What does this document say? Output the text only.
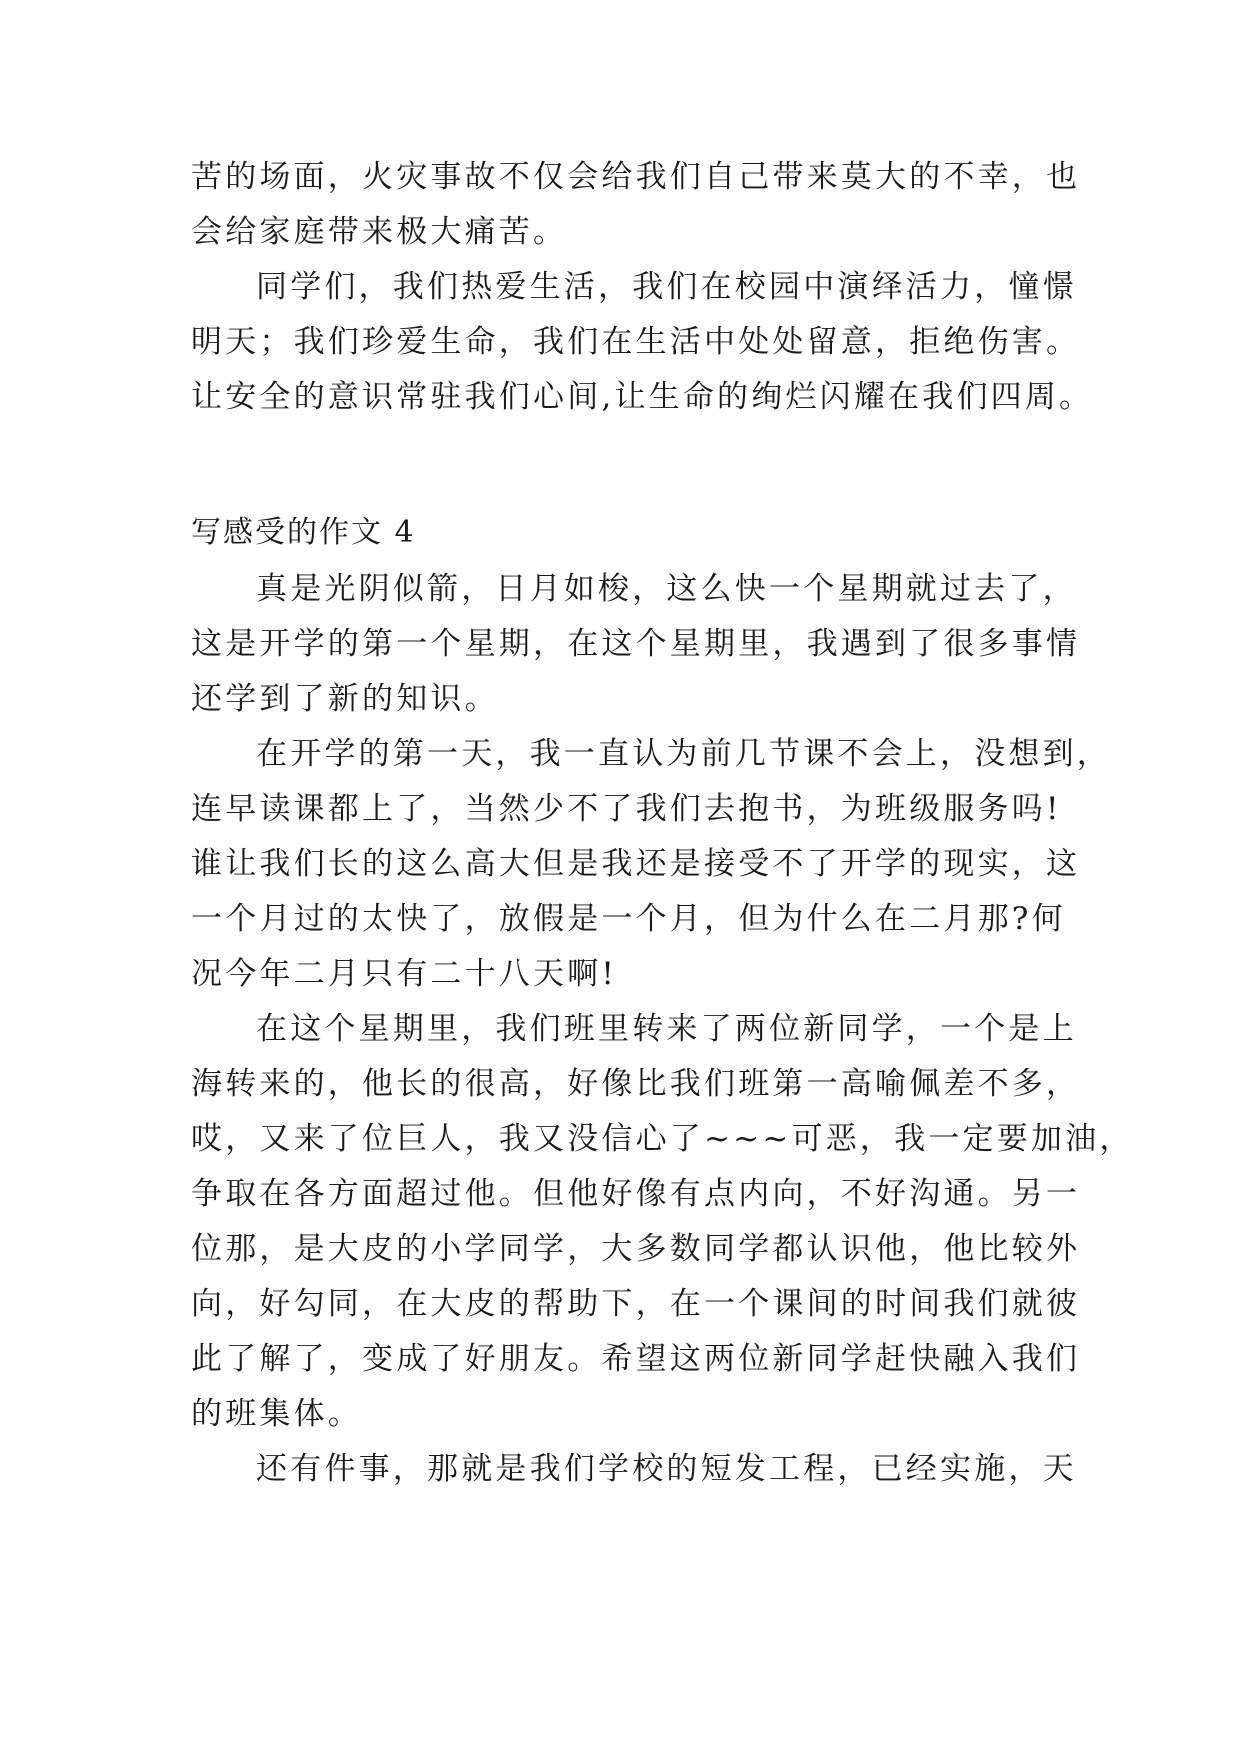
苦的场面，火灾事故不仅会给我们自己带来莫大的不幸，也
会给家庭带来极大痛苦。
同学们，我们热爱生活，我们在校园中演绎活力，憧憬
明天；我们珍爱生命，我们在生活中处处留意，拒绝伤害。
让安全的意识常驻我们心间,让生命的绚烂闪耀在我们四周。
写感受的作文 4
真是光阴似箭，日月如梭，这么快一个星期就过去了，
这是开学的第一个星期，在这个星期里，我遇到了很多事情
还学到了新的知识。
在开学的第一天，我一直认为前几节课不会上，没想到，
连早读课都上了，当然少不了我们去抱书，为班级服务吗!
谁让我们长的这么高大但是我还是接受不了开学的现实，这
一个月过的太快了，放假是一个月，但为什么在二月那?何
况今年二月只有二十八天啊!
在这个星期里，我们班里转来了两位新同学，一个是上
海转来的，他长的很高，好像比我们班第一高喻佩差不多，
哎，又来了位巨人，我又没信心了~~~可恶，我一定要加油，
争取在各方面超过他。但他好像有点内向，不好沟通。另一
位那，是大皮的小学同学，大多数同学都认识他，他比较外
向，好勾同，在大皮的帮助下，在一个课间的时间我们就彼
此了解了，变成了好朋友。希望这两位新同学赶快融入我们
的班集体。
还有件事，那就是我们学校的短发工程，已经实施，天
